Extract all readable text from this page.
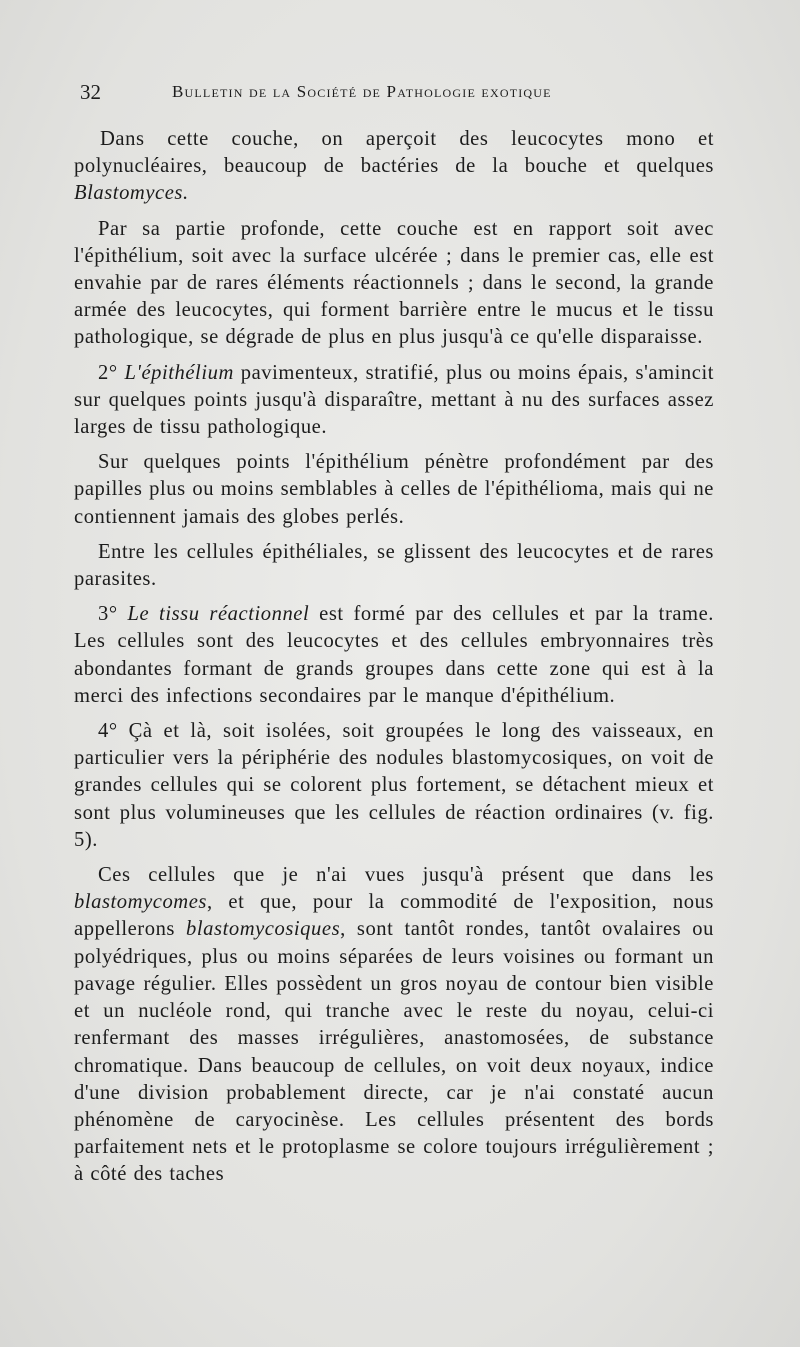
32	Bulletin de la Société de Pathologie exotique

Dans cette couche, on aperçoit des leucocytes mono et polynucléaires, beaucoup de bactéries de la bouche et quelques Blastomyces.

Par sa partie profonde, cette couche est en rapport soit avec l'épithélium, soit avec la surface ulcérée ; dans le premier cas, elle est envahie par de rares éléments réactionnels ; dans le second, la grande armée des leucocytes, qui forment barrière entre le mucus et le tissu pathologique, se dégrade de plus en plus jusqu'à ce qu'elle disparaisse.

2° L'épithélium pavimenteux, stratifié, plus ou moins épais, s'amincit sur quelques points jusqu'à disparaître, mettant à nu des surfaces assez larges de tissu pathologique.

Sur quelques points l'épithélium pénètre profondément par des papilles plus ou moins semblables à celles de l'épithélioma, mais qui ne contiennent jamais des globes perlés.

Entre les cellules épithéliales, se glissent des leucocytes et de rares parasites.

3° Le tissu réactionnel est formé par des cellules et par la trame. Les cellules sont des leucocytes et des cellules embryonnaires très abondantes formant de grands groupes dans cette zone qui est à la merci des infections secondaires par le manque d'épithélium.

4° Çà et là, soit isolées, soit groupées le long des vaisseaux, en particulier vers la périphérie des nodules blastomycosiques, on voit de grandes cellules qui se colorent plus fortement, se détachent mieux et sont plus volumineuses que les cellules de réaction ordinaires (v. fig. 5).

Ces cellules que je n'ai vues jusqu'à présent que dans les blastomycomes, et que, pour la commodité de l'exposition, nous appellerons blastomycosiques, sont tantôt rondes, tantôt ovalaires ou polyédriques, plus ou moins séparées de leurs voisines ou formant un pavage régulier. Elles possèdent un gros noyau de contour bien visible et un nucléole rond, qui tranche avec le reste du noyau, celui-ci renfermant des masses irrégulières, anastomosées, de substance chromatique. Dans beaucoup de cellules, on voit deux noyaux, indice d'une division probablement directe, car je n'ai constaté aucun phénomène de caryocinèse. Les cellules présentent des bords parfaitement nets et le protoplasme se colore toujours irrégulièrement ; à côté des taches
